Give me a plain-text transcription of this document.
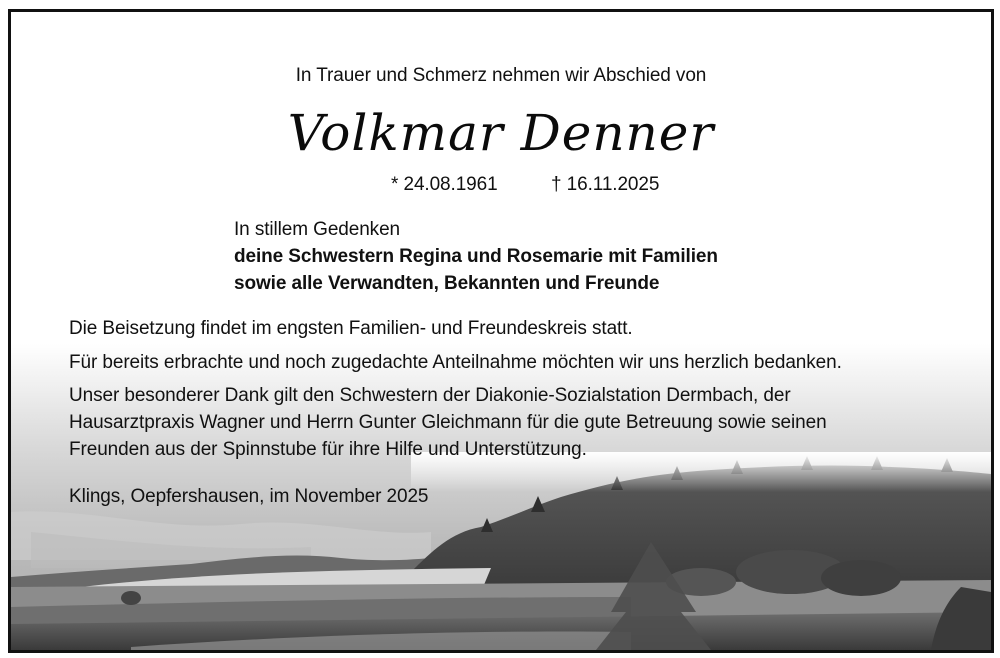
In Trauer und Schmerz nehmen wir Abschied von
Volkmar Denner
* 24.08.1961	† 16.11.2025
In stillem Gedenken
deine Schwestern Regina und Rosemarie mit Familien
sowie alle Verwandten, Bekannten und Freunde
Die Beisetzung findet im engsten Familien- und Freundeskreis statt.
Für bereits erbrachte und noch zugedachte Anteilnahme möchten wir uns herzlich bedanken.
Unser besonderer Dank gilt den Schwestern der Diakonie-Sozialstation Dermbach, der
Hausarztpraxis Wagner und Herrn Gunter Gleichmann für die gute Betreuung sowie seinen
Freunden aus der Spinnstube für ihre Hilfe und Unterstützung.
Klings, Oepfershausen, im November 2025
